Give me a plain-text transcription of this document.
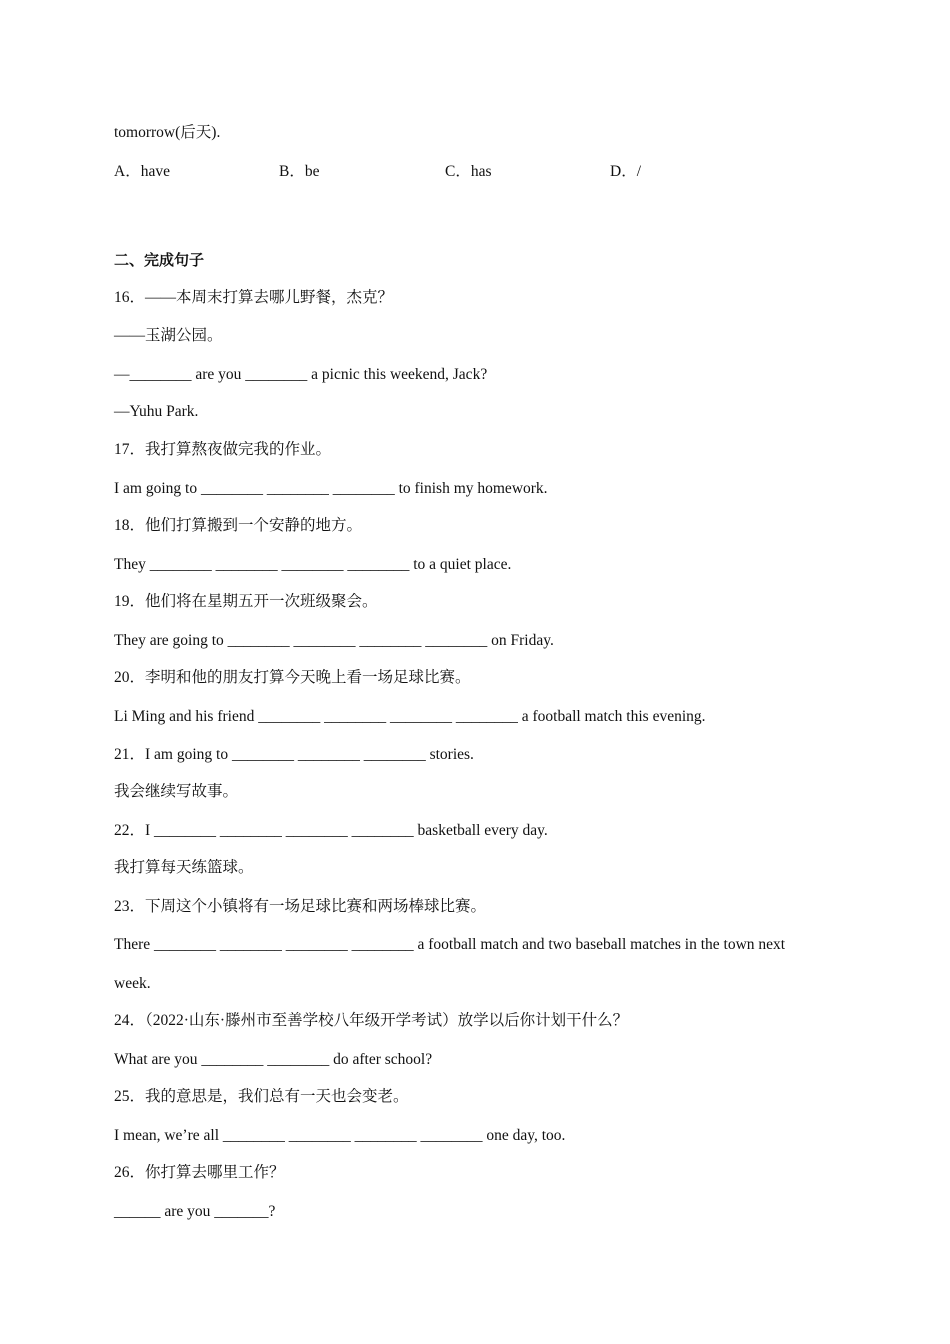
tomorrow(后天).
A．have	B．be	C．has	D．/
二、完成句子
16．——本周末打算去哪儿野餐，杰克？
——玉湖公园。
—________ are you ________ a picnic this weekend, Jack?
—Yuhu Park.
17．我打算熬夜做完我的作业。
I am going to ________ ________ ________ to finish my homework.
18．他们打算搬到一个安静的地方。
They ________ ________ ________ ________ to a quiet place.
19．他们将在星期五开一次班级聚会。
They are going to ________ ________ ________ ________ on Friday.
20．李明和他的朋友打算今天晚上看一场足球比赛。
Li Ming and his friend ________ ________ ________ ________ a football match this evening.
21．I am going to ________ ________ ________ stories.
我会继续写故事。
22．I ________ ________ ________ ________ basketball every day.
我打算每天练篮球。
23．下周这个小镇将有一场足球比赛和两场棒球比赛。
There ________ ________ ________ ________ a football match and two baseball matches in the town next
week.
24．（2022·山东·滕州市至善学校八年级开学考试）放学以后你计划干什么？
What are you ________ ________ do after school?
25．我的意思是，我们总有一天也会变老。
I mean, we’re all ________ ________ ________ ________ one day, too.
26．你打算去哪里工作？
______ are you _______?
